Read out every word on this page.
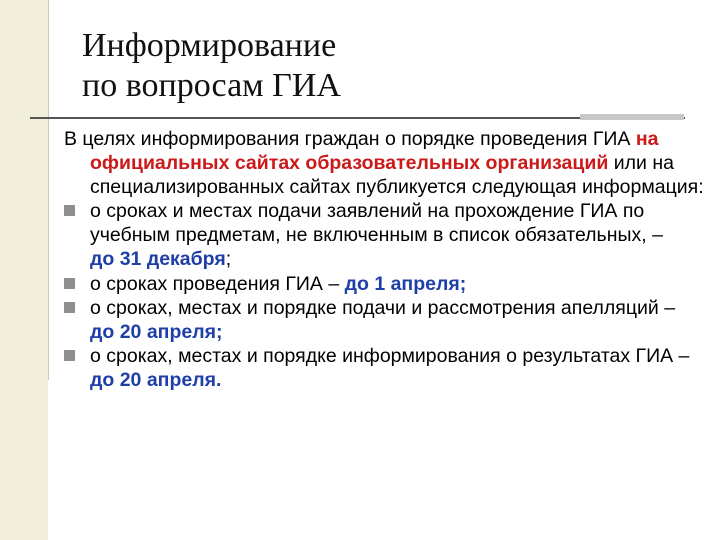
Информирование
по вопросам ГИА

В целях информирования граждан о порядке проведения ГИА на официальных сайтах образовательных организаций или на специализированных сайтах публикуется следующая информация:

о сроках и местах подачи заявлений на прохождение ГИА по учебным предметам, не включенным в список обязательных, –
до 31 декабря;
о сроках проведения ГИА – до 1 апреля;
о сроках, местах и порядке подачи и рассмотрения апелляций – до 20 апреля;
о сроках, местах и порядке информирования о результатах ГИА – до 20 апреля.
